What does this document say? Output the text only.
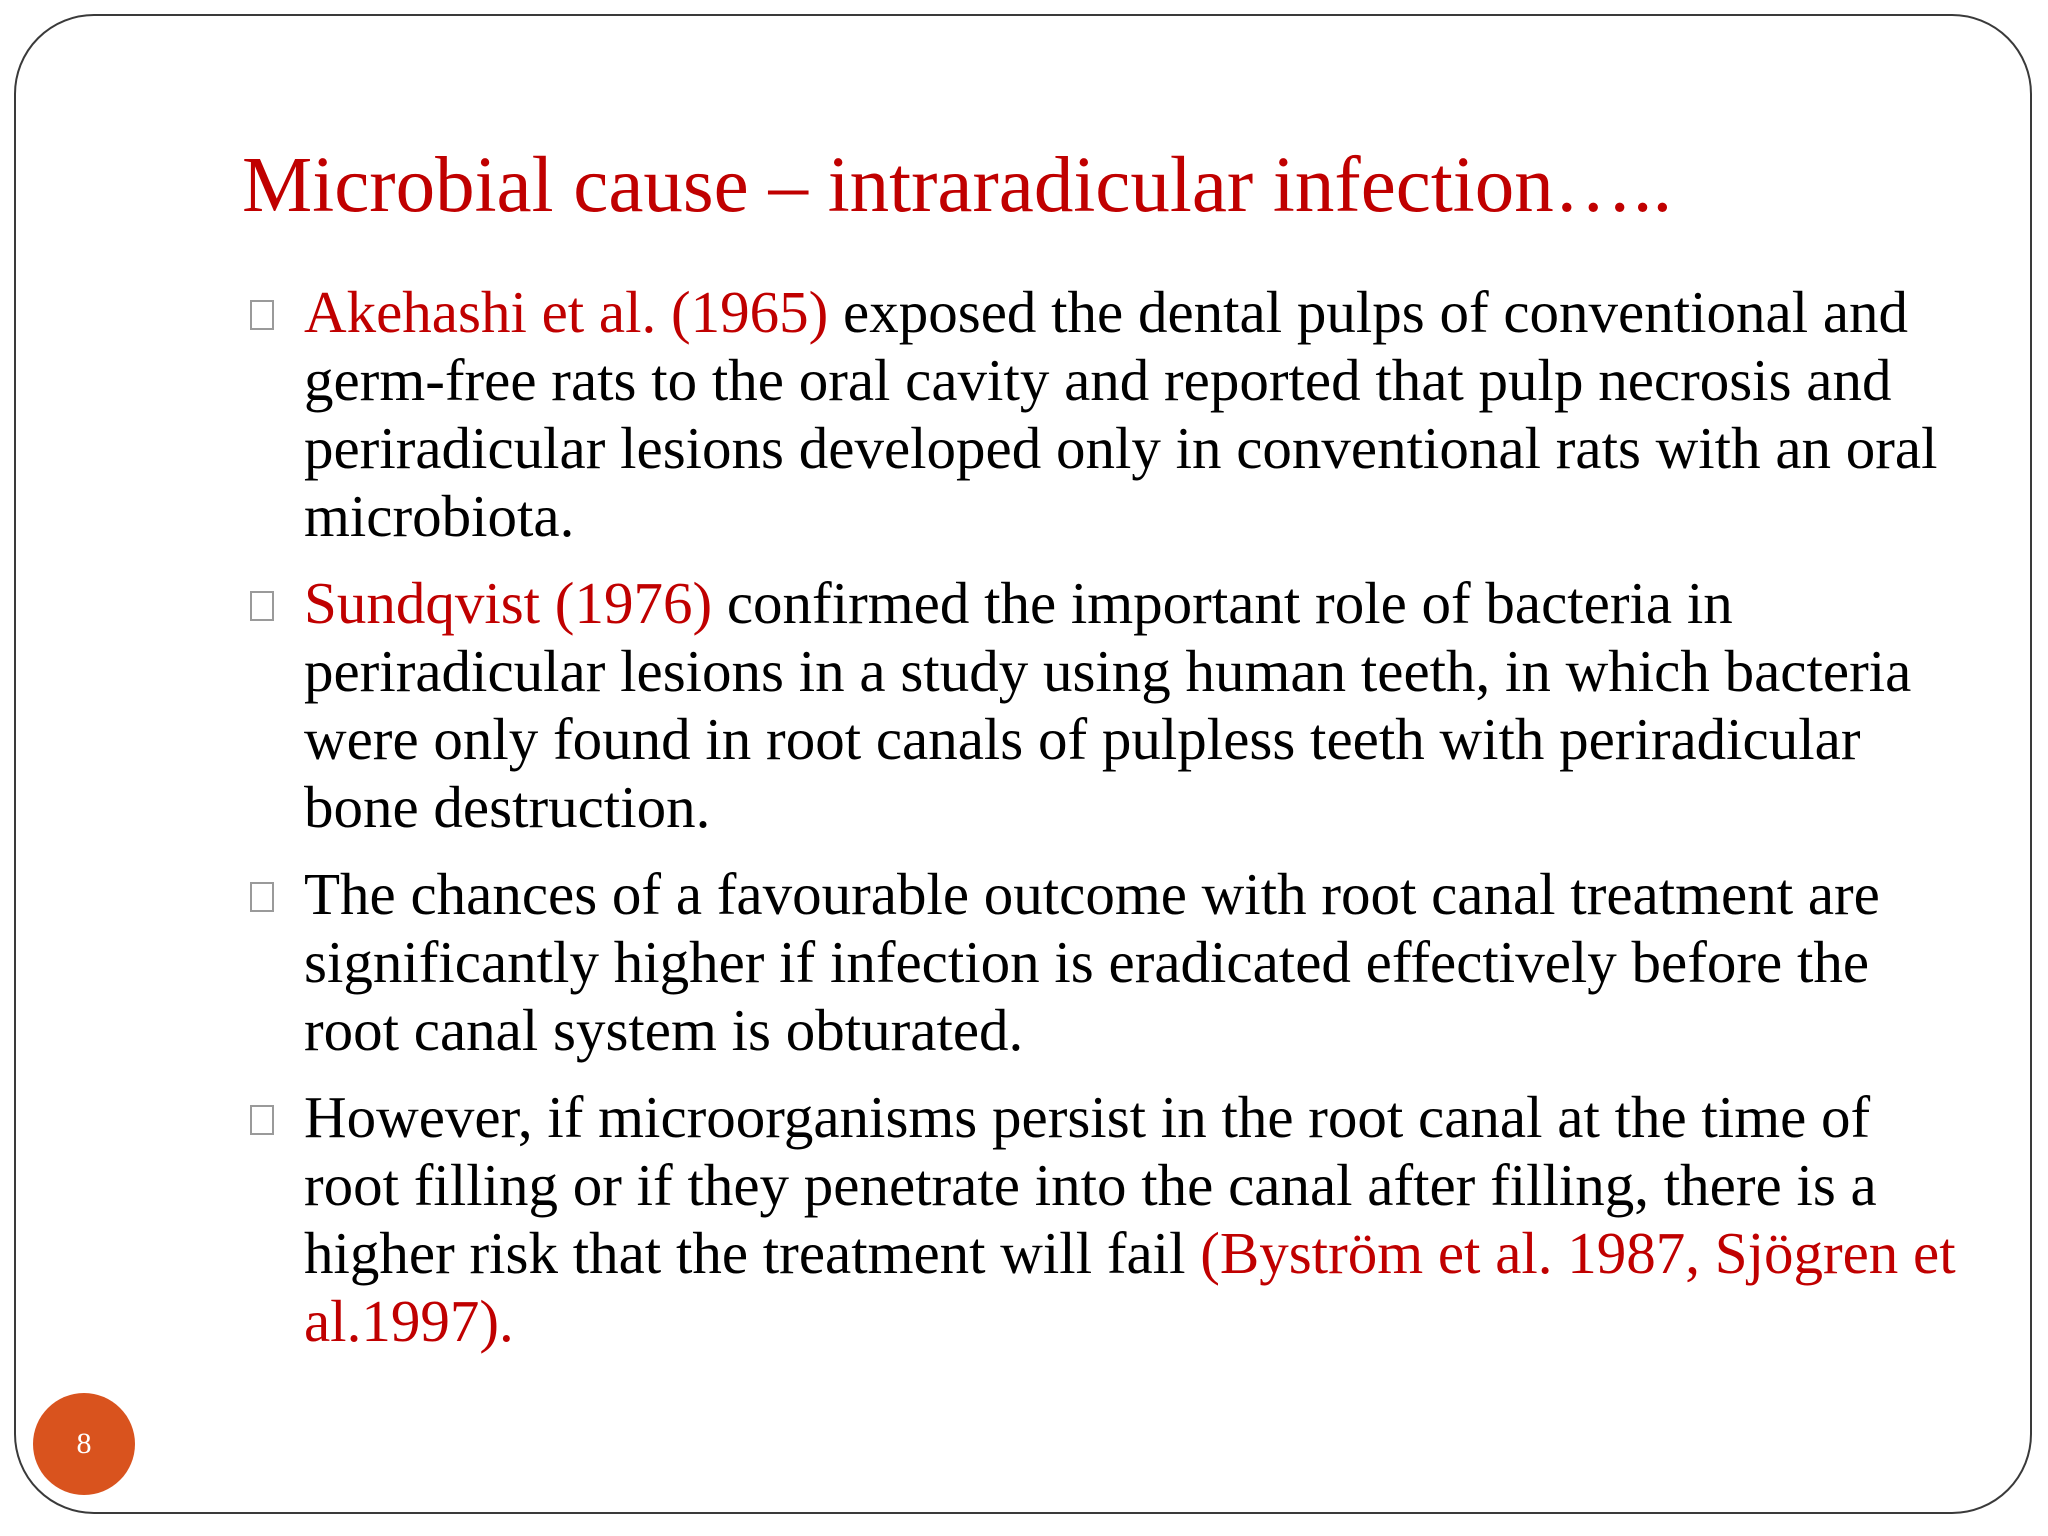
Microbial cause – intraradicular infection…..
Akehashi et al. (1965) exposed the dental pulps of conventional and germ-free rats to the oral cavity and reported that pulp necrosis and periradicular lesions developed only in conventional rats with an oral microbiota.
Sundqvist (1976) confirmed the important role of bacteria in periradicular lesions in a study using human teeth, in which bacteria were only found in root canals of pulpless teeth with periradicular bone destruction.
The chances of a favourable outcome with root canal treatment are significantly higher if infection is eradicated effectively before the root canal system is obturated.
However, if microorganisms persist in the root canal at the time of root filling or if they penetrate into the canal after filling, there is a higher risk that the treatment will fail (Byström et al. 1987, Sjögren et al.1997).
8
